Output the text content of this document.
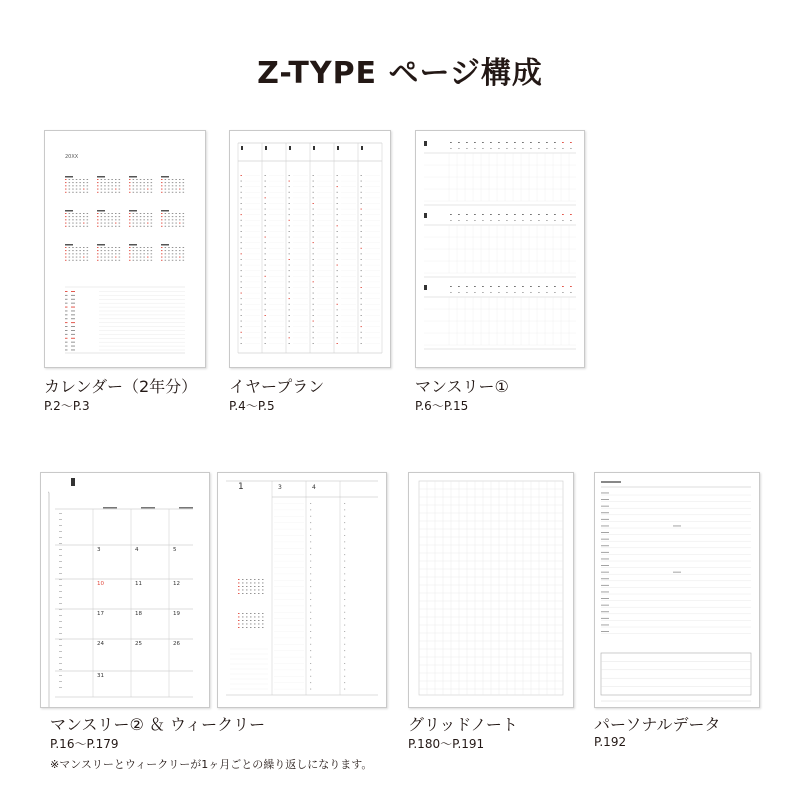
Z-TYPE ページ構成
20XX
カレンダー（2年分）
P.2〜P.3
イヤープラン
P.4〜P.5
マンスリー①
P.6〜P.15
3	4	5
10	11	12
17	18	19
24	25	26
31
1	3	4
マンスリー② ＆ ウィークリー
P.16〜P.179
※マンスリーとウィークリーが1ヶ月ごとの繰り返しになります。
グリッドノート
P.180〜P.191
パーソナルデータ
P.192
